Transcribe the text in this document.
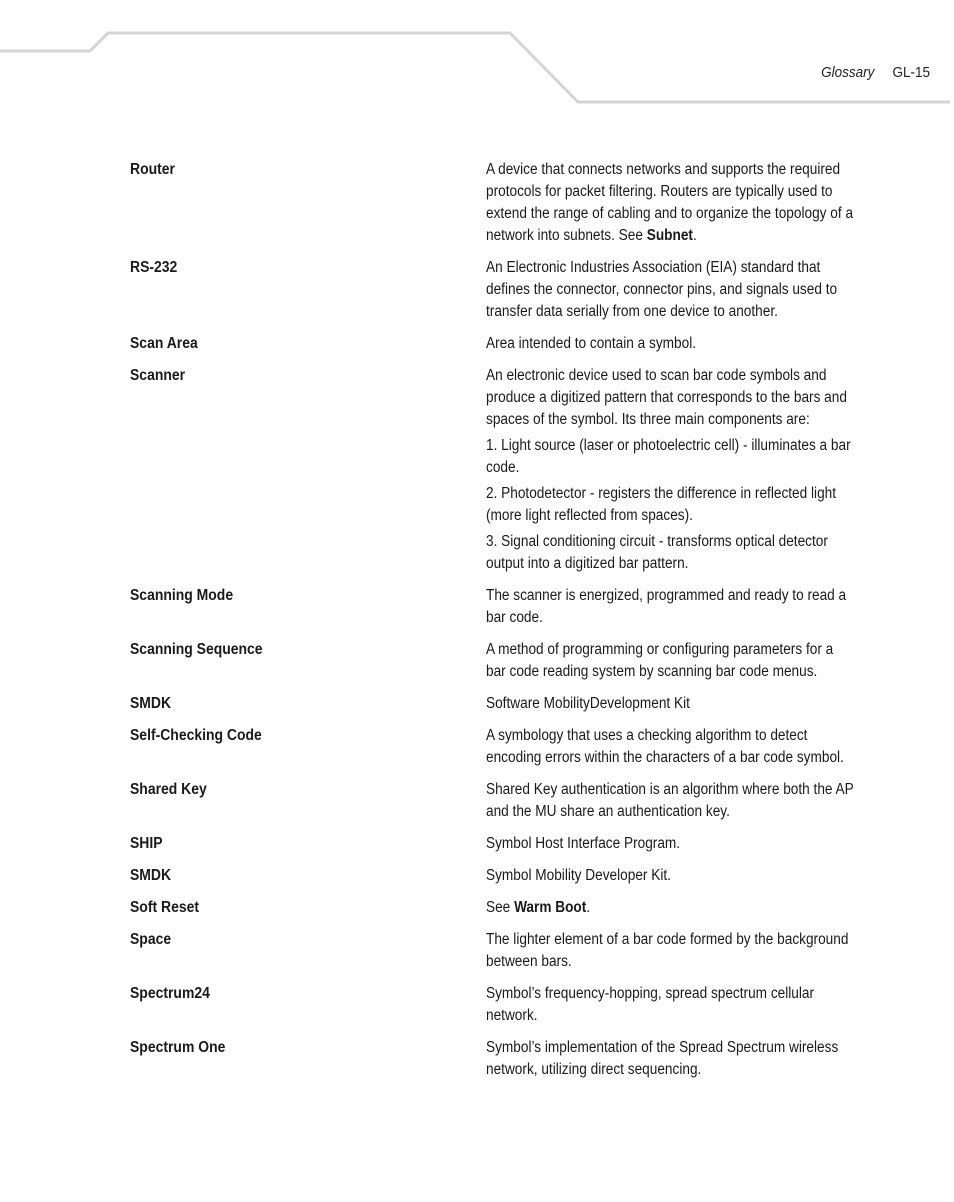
Glossary GL-15
Router	A device that connects networks and supports the required protocols for packet filtering. Routers are typically used to extend the range of cabling and to organize the topology of a network into subnets. See Subnet.

RS-232	An Electronic Industries Association (EIA) standard that defines the connector, connector pins, and signals used to transfer data serially from one device to another.

Scan Area	Area intended to contain a symbol.

Scanner	An electronic device used to scan bar code symbols and produce a digitized pattern that corresponds to the bars and spaces of the symbol. Its three main components are:

1. Light source (laser or photoelectric cell) - illuminates a bar code.

2. Photodetector - registers the difference in reflected light (more light reflected from spaces).

3. Signal conditioning circuit - transforms optical detector output into a digitized bar pattern.

Scanning Mode	The scanner is energized, programmed and ready to read a bar code.

Scanning Sequence	A method of programming or configuring parameters for a bar code reading system by scanning bar code menus.

SMDK	Software MobilityDevelopment Kit

Self-Checking Code	A symbology that uses a checking algorithm to detect encoding errors within the characters of a bar code symbol.

Shared Key	Shared Key authentication is an algorithm where both the AP and the MU share an authentication key.

SHIP	Symbol Host Interface Program.

SMDK	Symbol Mobility Developer Kit.

Soft Reset	See Warm Boot.

Space	The lighter element of a bar code formed by the background between bars.

Spectrum24	Symbol’s frequency-hopping, spread spectrum cellular network.

Spectrum One	Symbol’s implementation of the Spread Spectrum wireless network, utilizing direct sequencing.
